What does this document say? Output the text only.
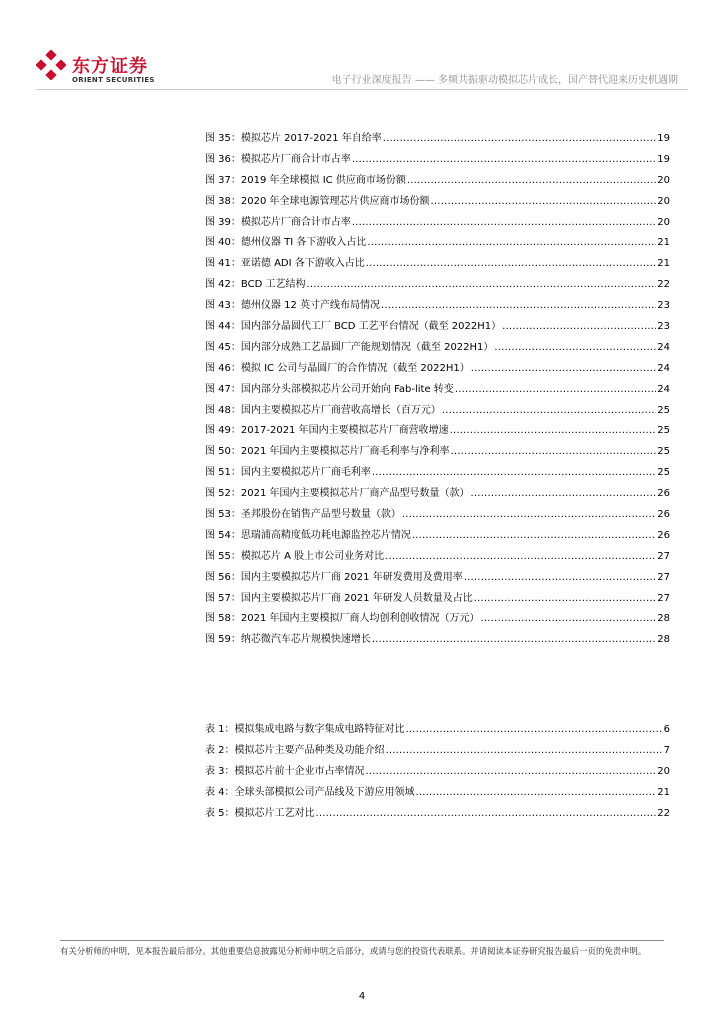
东方证券
ORIENT SECURITIES	电子行业深度报告 —— 多频共振驱动模拟芯片成长，国产替代迎来历史机遇期
图 35： 模拟芯片 2017-2021 年自给率 .....	19
图 36： 模拟芯片厂商合计市占率 .....	19
图 37： 2019 年全球模拟 IC 供应商市场份额 .....	20
图 38： 2020 年全球电源管理芯片供应商市场份额 .....	20
图 39： 模拟芯片厂商合计市占率 .....	20
图 40： 德州仪器 TI 各下游收入占比 .....	21
图 41： 亚诺德 ADI 各下游收入占比 .....	21
图 42： BCD 工艺结构 .....	22
图 43： 德州仪器 12 英寸产线布局情况 .....	23
图 44： 国内部分晶圆代工厂 BCD 工艺平台情况（截至 2022H1） .....	23
图 45： 国内部分成熟工艺晶圆厂产能规划情况（截至 2022H1） .....	24
图 46： 模拟 IC 公司与晶圆厂的合作情况（截至 2022H1） .....	24
图 47： 国内部分头部模拟芯片公司开始向 Fab-lite 转变 .....	24
图 48： 国内主要模拟芯片厂商营收高增长（百万元） .....	25
图 49： 2017-2021 年国内主要模拟芯片厂商营收增速 .....	25
图 50： 2021 年国内主要模拟芯片厂商毛利率与净利率 .....	25
图 51： 国内主要模拟芯片厂商毛利率 .....	25
图 52： 2021 年国内主要模拟芯片厂商产品型号数量（款） .....	26
图 53： 圣邦股份在销售产品型号数量（款） .....	26
图 54： 思瑞浦高精度低功耗电源监控芯片情况 .....	26
图 55： 模拟芯片 A 股上市公司业务对比 .....	27
图 56： 国内主要模拟芯片厂商 2021 年研发费用及费用率 .....	27
图 57： 国内主要模拟芯片厂商 2021 年研发人员数量及占比 .....	27
图 58： 2021 年国内主要模拟厂商人均创利创收情况（万元） .....	28
图 59： 纳芯微汽车芯片规模快速增长 .....	28
表 1： 模拟集成电路与数字集成电路特征对比 .....	6
表 2： 模拟芯片主要产品种类及功能介绍 .....	7
表 3： 模拟芯片前十企业市占率情况 .....	20
表 4： 全球头部模拟公司产品线及下游应用领域 .....	21
表 5： 模拟芯片工艺对比 .....	22
有关分析师的申明，见本报告最后部分。其他重要信息披露见分析师申明之后部分，或请与您的投资代表联系。并请阅读本证券研究报告最后一页的免责申明。
4
